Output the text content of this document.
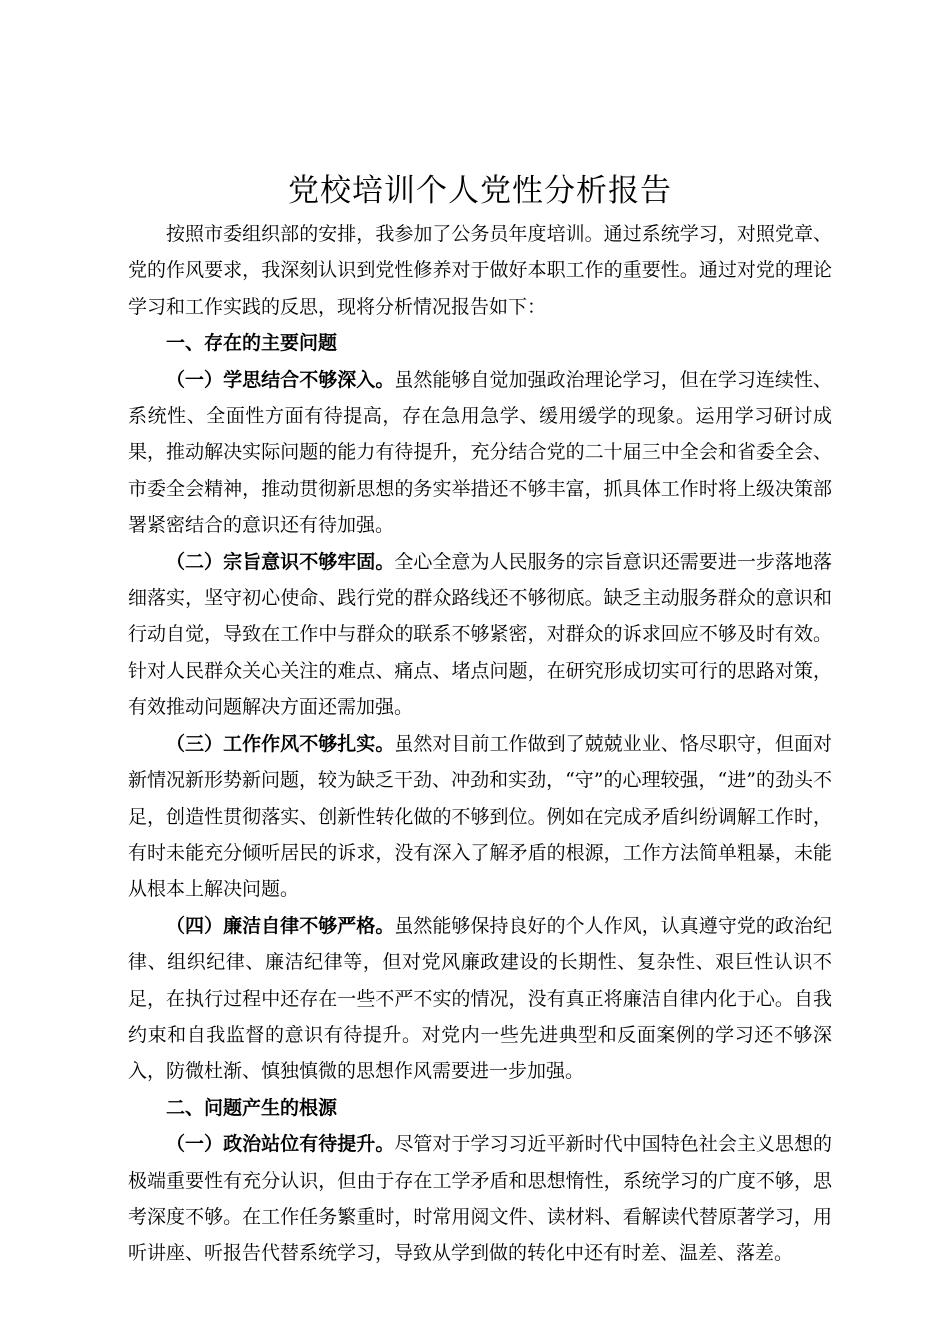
党校培训个人党性分析报告

按照市委组织部的安排，我参加了公务员年度培训。通过系统学习，对照党章、党的作风要求，我深刻认识到党性修养对于做好本职工作的重要性。通过对党的理论学习和工作实践的反思，现将分析情况报告如下：

一、存在的主要问题

（一）学思结合不够深入。虽然能够自觉加强政治理论学习，但在学习连续性、系统性、全面性方面有待提高，存在急用急学、缓用缓学的现象。运用学习研讨成果，推动解决实际问题的能力有待提升，充分结合党的二十届三中全会和省委全会、市委全会精神，推动贯彻新思想的务实举措还不够丰富，抓具体工作时将上级决策部署紧密结合的意识还有待加强。

（二）宗旨意识不够牢固。全心全意为人民服务的宗旨意识还需要进一步落地落细落实，坚守初心使命、践行党的群众路线还不够彻底。缺乏主动服务群众的意识和行动自觉，导致在工作中与群众的联系不够紧密，对群众的诉求回应不够及时有效。针对人民群众关心关注的难点、痛点、堵点问题，在研究形成切实可行的思路对策，有效推动问题解决方面还需加强。

（三）工作作风不够扎实。虽然对目前工作做到了兢兢业业、恪尽职守，但面对新情况新形势新问题，较为缺乏干劲、冲劲和实劲，“守”的心理较强，“进”的劲头不足，创造性贯彻落实、创新性转化做的不够到位。例如在完成矛盾纠纷调解工作时，有时未能充分倾听居民的诉求，没有深入了解矛盾的根源，工作方法简单粗暴，未能从根本上解决问题。

（四）廉洁自律不够严格。虽然能够保持良好的个人作风，认真遵守党的政治纪律、组织纪律、廉洁纪律等，但对党风廉政建设的长期性、复杂性、艰巨性认识不足，在执行过程中还存在一些不严不实的情况，没有真正将廉洁自律内化于心。自我约束和自我监督的意识有待提升。对党内一些先进典型和反面案例的学习还不够深入，防微杜渐、慎独慎微的思想作风需要进一步加强。

二、问题产生的根源

（一）政治站位有待提升。尽管对于学习习近平新时代中国特色社会主义思想的极端重要性有充分认识，但由于存在工学矛盾和思想惰性，系统学习的广度不够，思考深度不够。在工作任务繁重时，时常用阅文件、读材料、看解读代替原著学习，用听讲座、听报告代替系统学习，导致从学到做的转化中还有时差、温差、落差。
